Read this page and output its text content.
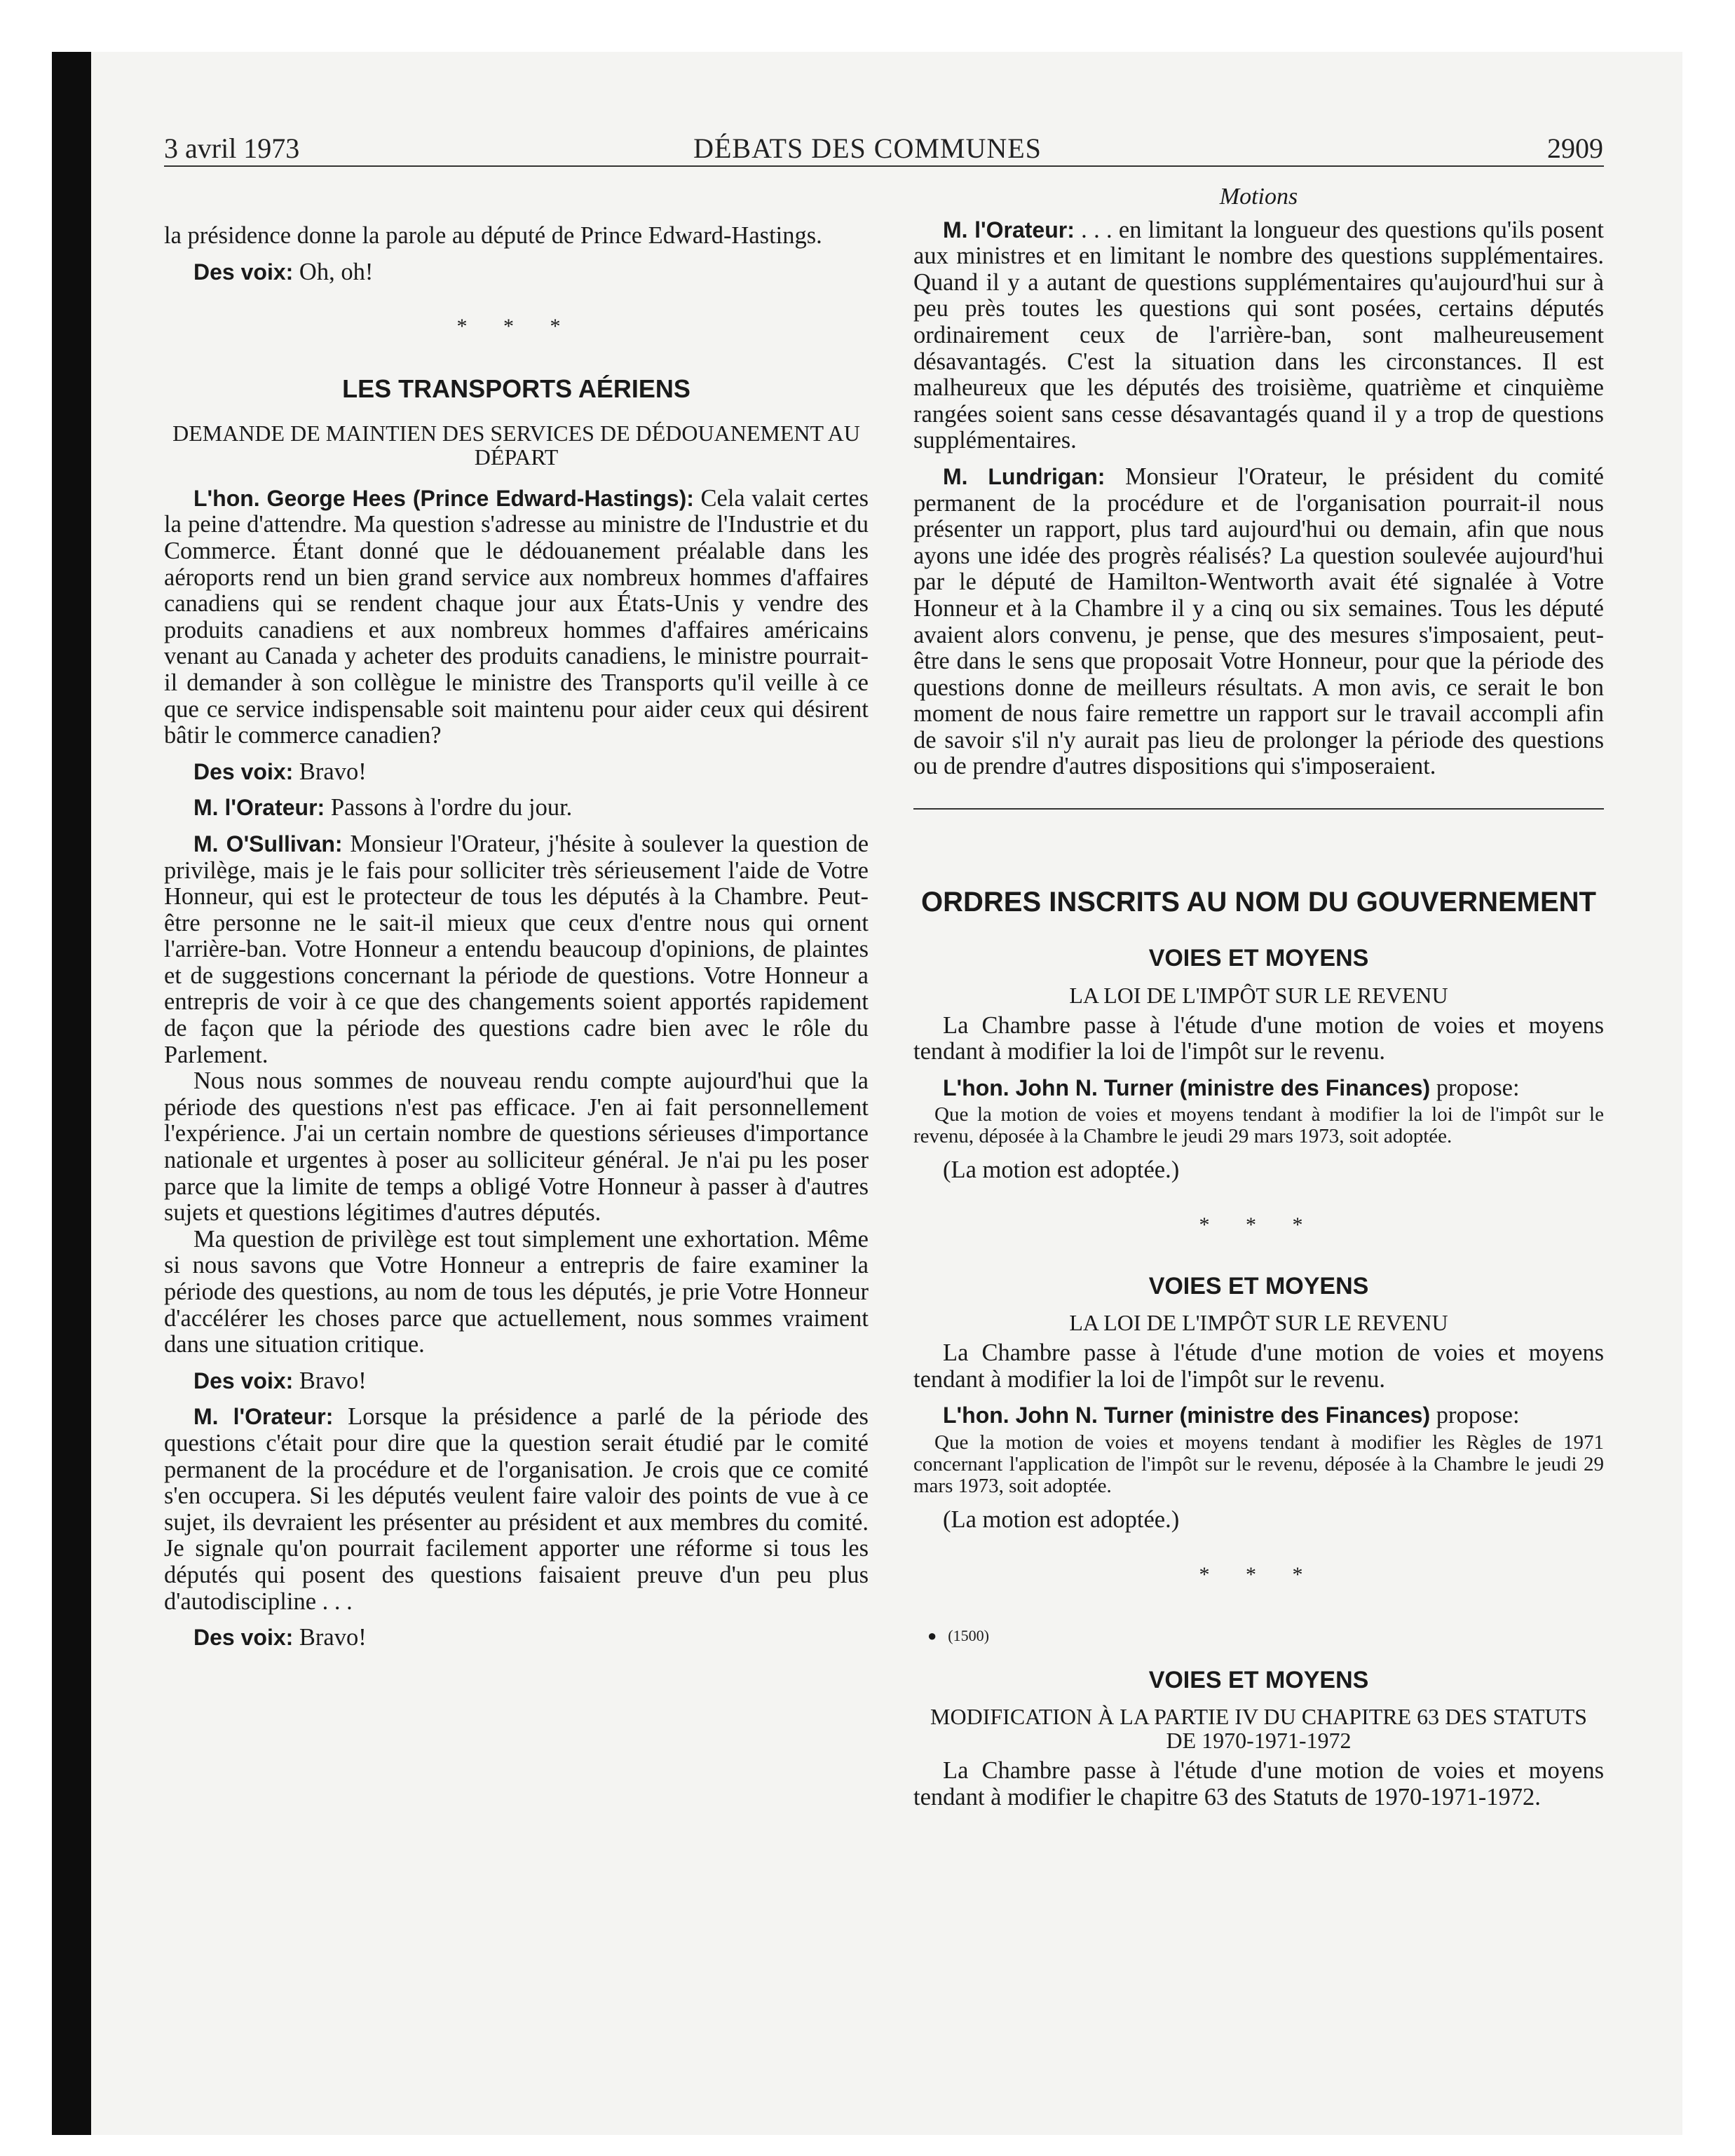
3 avril 1973	DÉBATS DES COMMUNES	2909

la présidence donne la parole au député de Prince Edward-Hastings.

Des voix: Oh, oh!

* * *
LES TRANSPORTS AÉRIENS
DEMANDE DE MAINTIEN DES SERVICES DE DÉDOUANEMENT AU DÉPART

L'hon. George Hees (Prince Edward-Hastings): Cela valait certes la peine d'attendre. Ma question s'adresse au ministre de l'Industrie et du Commerce. Étant donné que le dédouanement préalable dans les aéroports rend un bien grand service aux nombreux hommes d'affaires canadiens qui se rendent chaque jour aux États-Unis y vendre des produits canadiens et aux nombreux hommes d'affaires américains venant au Canada y acheter des produits canadiens, le ministre pourrait-il demander à son collègue le ministre des Transports qu'il veille à ce que ce service indispensable soit maintenu pour aider ceux qui désirent bâtir le commerce canadien?

Des voix: Bravo!

M. l'Orateur: Passons à l'ordre du jour.

M. O'Sullivan: Monsieur l'Orateur, j'hésite à soulever la question de privilège, mais je le fais pour solliciter très sérieusement l'aide de Votre Honneur, qui est le protecteur de tous les députés à la Chambre. Peut-être personne ne le sait-il mieux que ceux d'entre nous qui ornent l'arrière-ban. Votre Honneur a entendu beaucoup d'opinions, de plaintes et de suggestions concernant la période de questions. Votre Honneur a entrepris de voir à ce que des changements soient apportés rapidement de façon que la période des questions cadre bien avec le rôle du Parlement.

Nous nous sommes de nouveau rendu compte aujourd'hui que la période des questions n'est pas efficace. J'en ai fait personnellement l'expérience. J'ai un certain nombre de questions sérieuses d'importance nationale et urgentes à poser au solliciteur général. Je n'ai pu les poser parce que la limite de temps a obligé Votre Honneur à passer à d'autres sujets et questions légitimes d'autres députés.

Ma question de privilège est tout simplement une exhortation. Même si nous savons que Votre Honneur a entrepris de faire examiner la période des questions, au nom de tous les députés, je prie Votre Honneur d'accélérer les choses parce que actuellement, nous sommes vraiment dans une situation critique.

Des voix: Bravo!

M. l'Orateur: Lorsque la présidence a parlé de la période des questions c'était pour dire que la question serait étudié par le comité permanent de la procédure et de l'organisation. Je crois que ce comité s'en occupera. Si les députés veulent faire valoir des points de vue à ce sujet, ils devraient les présenter au président et aux membres du comité. Je signale qu'on pourrait facilement apporter une réforme si tous les députés qui posent des questions faisaient preuve d'un peu plus d'autodiscipline . . .

Des voix: Bravo!

Motions

M. l'Orateur: . . . en limitant la longueur des questions qu'ils posent aux ministres et en limitant le nombre des questions supplémentaires. Quand il y a autant de questions supplémentaires qu'aujourd'hui sur à peu près toutes les questions qui sont posées, certains députés ordinairement ceux de l'arrière-ban, sont malheureusement désavantagés. C'est la situation dans les circonstances. Il est malheureux que les députés des troisième, quatrième et cinquième rangées soient sans cesse désavantagés quand il y a trop de questions supplémentaires.

M. Lundrigan: Monsieur l'Orateur, le président du comité permanent de la procédure et de l'organisation pourrait-il nous présenter un rapport, plus tard aujourd'hui ou demain, afin que nous ayons une idée des progrès réalisés? La question soulevée aujourd'hui par le député de Hamilton-Wentworth avait été signalée à Votre Honneur et à la Chambre il y a cinq ou six semaines. Tous les député avaient alors convenu, je pense, que des mesures s'imposaient, peut-être dans le sens que proposait Votre Honneur, pour que la période des questions donne de meilleurs résultats. A mon avis, ce serait le bon moment de nous faire remettre un rapport sur le travail accompli afin de savoir s'il n'y aurait pas lieu de prolonger la période des questions ou de prendre d'autres dispositions qui s'imposeraient.

ORDRES INSCRITS AU NOM DU GOUVERNEMENT
VOIES ET MOYENS
LA LOI DE L'IMPÔT SUR LE REVENU

La Chambre passe à l'étude d'une motion de voies et moyens tendant à modifier la loi de l'impôt sur le revenu.

L'hon. John N. Turner (ministre des Finances) propose:

Que la motion de voies et moyens tendant à modifier la loi de l'impôt sur le revenu, déposée à la Chambre le jeudi 29 mars 1973, soit adoptée.

(La motion est adoptée.)

* * *
VOIES ET MOYENS
LA LOI DE L'IMPÔT SUR LE REVENU

La Chambre passe à l'étude d'une motion de voies et moyens tendant à modifier la loi de l'impôt sur le revenu.

L'hon. John N. Turner (ministre des Finances) propose:

Que la motion de voies et moyens tendant à modifier les Règles de 1971 concernant l'application de l'impôt sur le revenu, déposée à la Chambre le jeudi 29 mars 1973, soit adoptée.

(La motion est adoptée.)

* * *
● (1500)
VOIES ET MOYENS
MODIFICATION À LA PARTIE IV DU CHAPITRE 63 DES STATUTS DE 1970-1971-1972

La Chambre passe à l'étude d'une motion de voies et moyens tendant à modifier le chapitre 63 des Statuts de 1970-1971-1972.
